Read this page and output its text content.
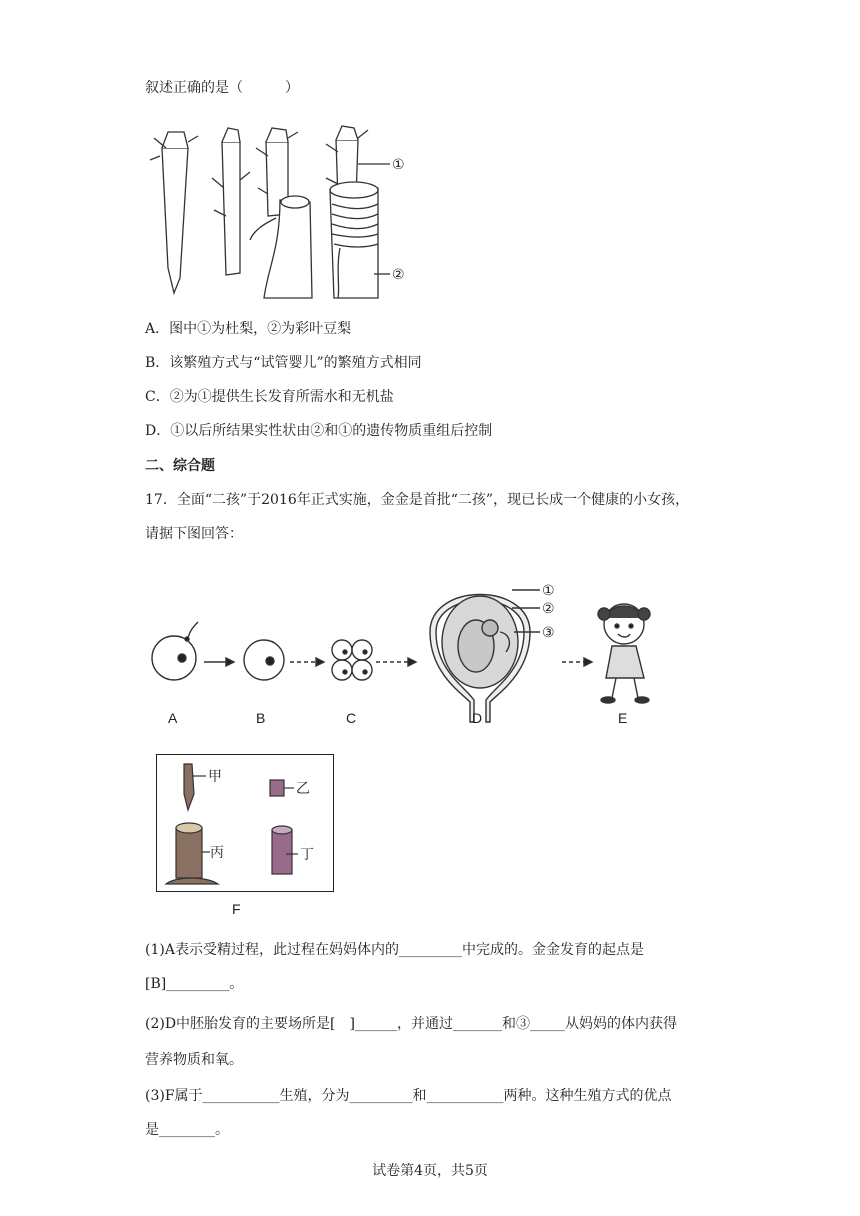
叙述正确的是（　　　）
①
②
A．图中①为杜梨，②为彩叶豆梨
B．该繁殖方式与“试管婴儿”的繁殖方式相同
C．②为①提供生长发育所需水和无机盐
D．①以后所结果实性状由②和①的遗传物质重组后控制
二、综合题
17．全面“二孩”于2016年正式实施，金金是首批“二孩”，现已长成一个健康的小女孩，
请据下图回答：
①
②
③
A	B	C	D	E
甲
乙
丙	丁
F
(1)A表示受精过程，此过程在妈妈体内的_________中完成的。金金发育的起点是
[B]_________。
(2)D中胚胎发育的主要场所是[　]______，并通过_______和③_____从妈妈的体内获得
营养物质和氧。
(3)F属于___________生殖，分为_________和___________两种。这种生殖方式的优点
是________。
试卷第4页，共5页
